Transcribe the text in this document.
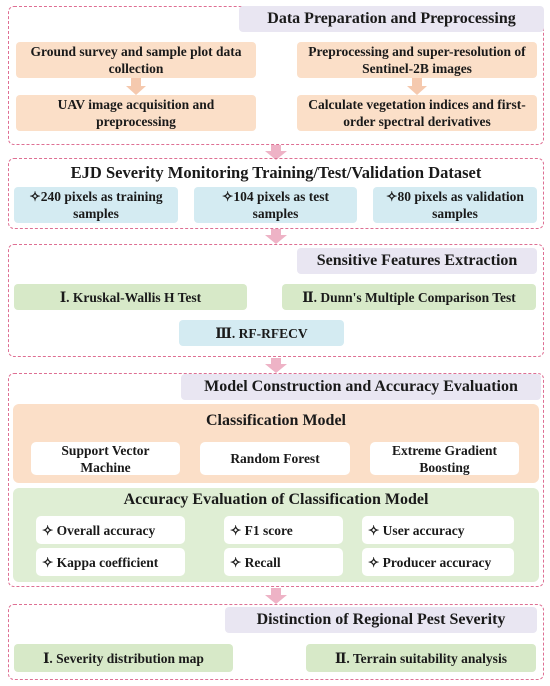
Data Preparation and Preprocessing
Ground survey and sample plot data collection
UAV image acquisition and preprocessing
Preprocessing and super-resolution of Sentinel-2B images
Calculate vegetation indices and first-order spectral derivatives
EJD Severity Monitoring Training/Test/Validation Dataset
✧240 pixels as training samples
✧104 pixels as test samples
✧80 pixels as validation samples
Sensitive Features Extraction
Ⅰ. Kruskal-Wallis H Test	Ⅱ. Dunn's Multiple Comparison Test
Ⅲ. RF-RFECV
Model Construction and Accuracy Evaluation
Classification Model
Support Vector Machine
Random Forest
Extreme Gradient Boosting
Accuracy Evaluation of Classification Model
✧ Overall accuracy	✧ F1 score	✧ User accuracy
✧ Kappa coefficient	✧ Recall	✧ Producer accuracy
Distinction of Regional Pest Severity
Ⅰ. Severity distribution map	Ⅱ. Terrain suitability analysis
